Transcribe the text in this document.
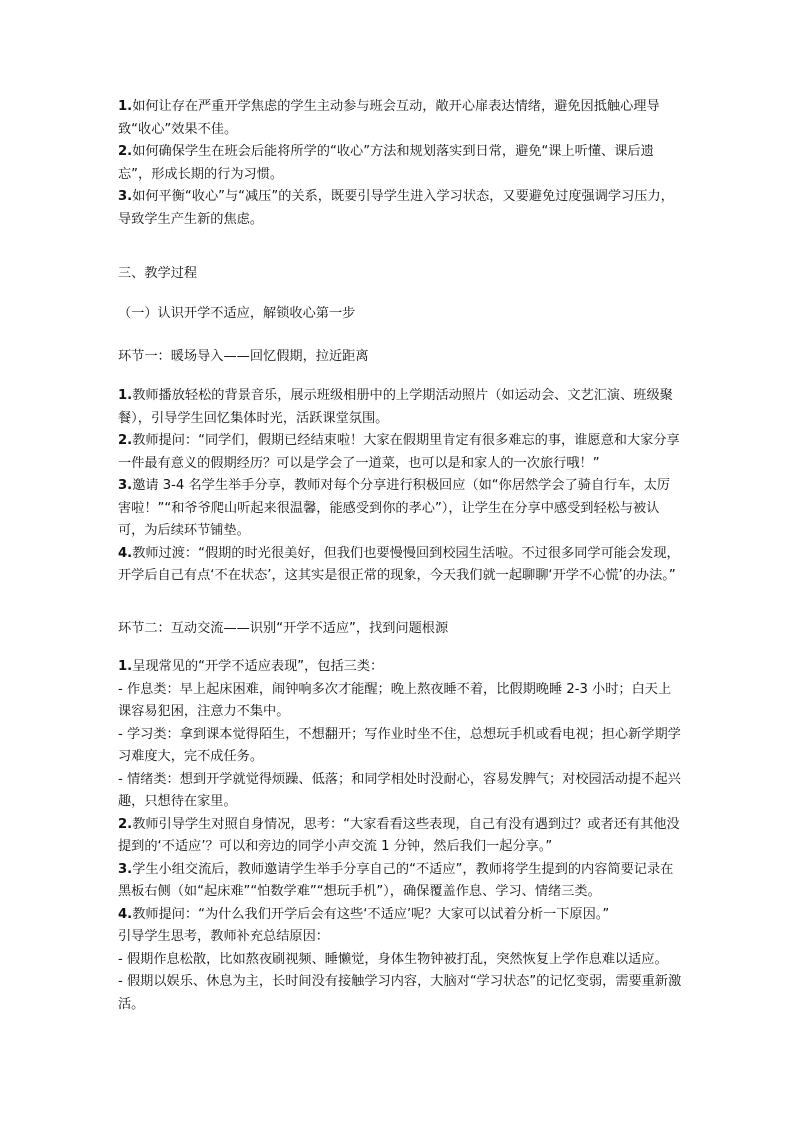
1.如何让存在严重开学焦虑的学生主动参与班会互动，敞开心扉表达情绪，避免因抵触心理导致“收心”效果不佳。

2.如何确保学生在班会后能将所学的“收心”方法和规划落实到日常，避免“课上听懂、课后遗忘”，形成长期的行为习惯。

3.如何平衡“收心”与“减压”的关系，既要引导学生进入学习状态，又要避免过度强调学习压力，导致学生产生新的焦虑。

三、教学过程

（一）认识开学不适应，解锁收心第一步

环节一：暖场导入——回忆假期，拉近距离

1.教师播放轻松的背景音乐，展示班级相册中的上学期活动照片（如运动会、文艺汇演、班级聚餐），引导学生回忆集体时光，活跃课堂氛围。

2.教师提问：“同学们，假期已经结束啦！大家在假期里肯定有很多难忘的事，谁愿意和大家分享一件最有意义的假期经历？可以是学会了一道菜，也可以是和家人的一次旅行哦！”

3.邀请 3-4 名学生举手分享，教师对每个分享进行积极回应（如“你居然学会了骑自行车，太厉害啦！”“和爷爷爬山听起来很温馨，能感受到你的孝心”），让学生在分享中感受到轻松与被认可，为后续环节铺垫。

4.教师过渡：“假期的时光很美好，但我们也要慢慢回到校园生活啦。不过很多同学可能会发现，开学后自己有点‘不在状态’，这其实是很正常的现象，今天我们就一起聊聊‘开学不心慌’的办法。”

环节二：互动交流——识别“开学不适应”，找到问题根源

1.呈现常见的“开学不适应表现”，包括三类：

- 作息类：早上起床困难，闹钟响多次才能醒；晚上熬夜睡不着，比假期晚睡 2-3 小时；白天上课容易犯困，注意力不集中。

- 学习类：拿到课本觉得陌生，不想翻开；写作业时坐不住，总想玩手机或看电视；担心新学期学习难度大，完不成任务。

- 情绪类：想到开学就觉得烦躁、低落；和同学相处时没耐心，容易发脾气；对校园活动提不起兴趣，只想待在家里。

2.教师引导学生对照自身情况，思考：“大家看看这些表现，自己有没有遇到过？或者还有其他没提到的‘不适应’？可以和旁边的同学小声交流 1 分钟，然后我们一起分享。”

3.学生小组交流后，教师邀请学生举手分享自己的“不适应”，教师将学生提到的内容简要记录在黑板右侧（如“起床难”“怕数学难”“想玩手机”），确保覆盖作息、学习、情绪三类。

4.教师提问：“为什么我们开学后会有这些‘不适应’呢？大家可以试着分析一下原因。”

引导学生思考，教师补充总结原因：

- 假期作息松散，比如熬夜刷视频、睡懒觉，身体生物钟被打乱，突然恢复上学作息难以适应。

- 假期以娱乐、休息为主，长时间没有接触学习内容，大脑对“学习状态”的记忆变弱，需要重新激活。
